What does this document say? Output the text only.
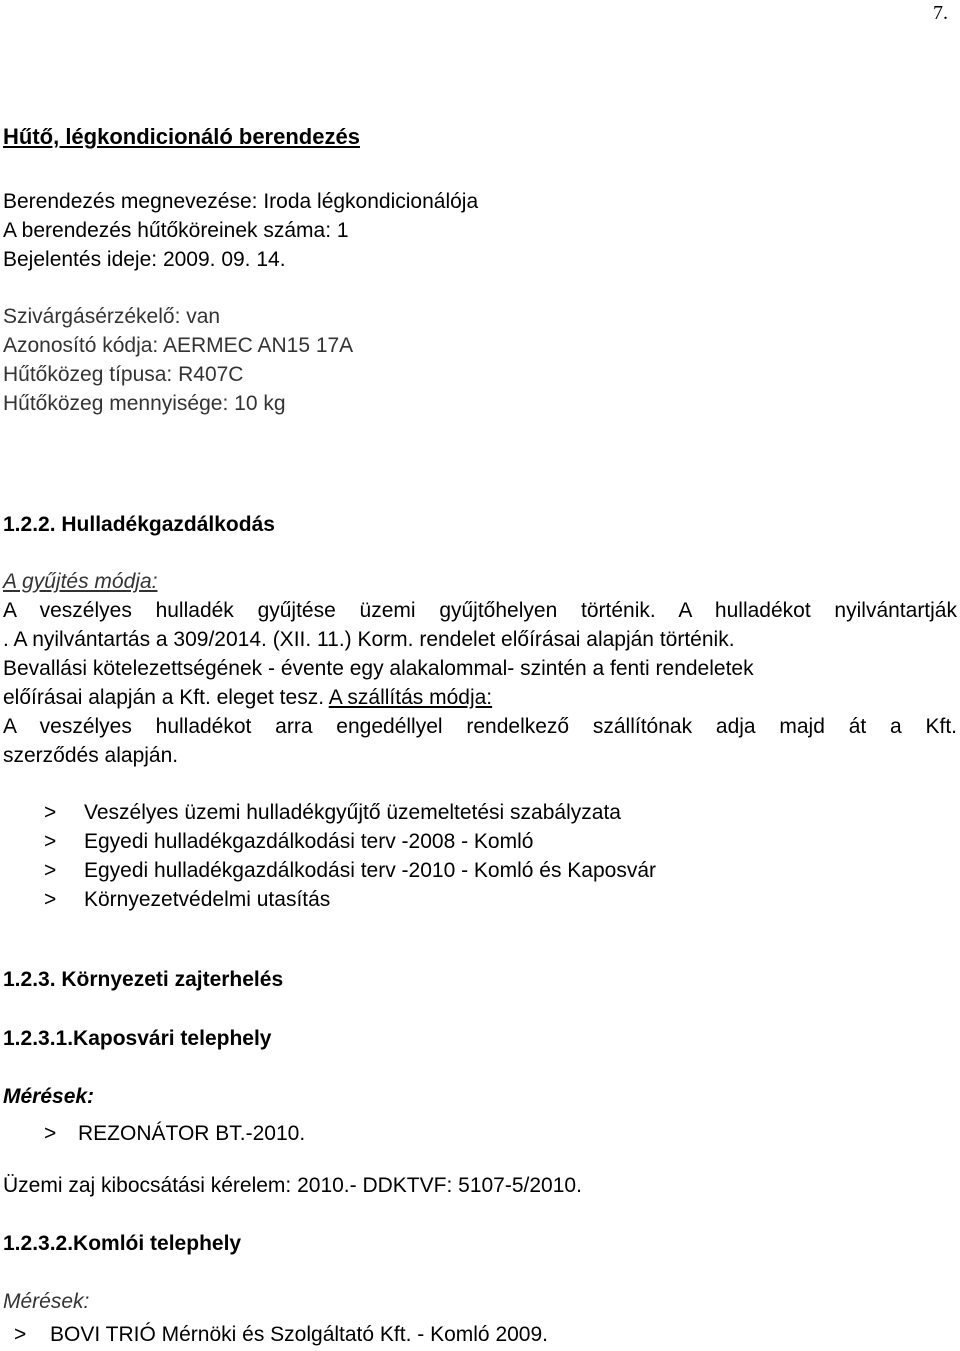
7.
Hűtő, légkondicionáló berendezés
Berendezés megnevezése: Iroda légkondicionálója
A berendezés hűtőköreinek száma: 1
Bejelentés ideje: 2009. 09. 14.
Szivárgásérzékelő: van
Azonosító kódja: AERMEC AN15 17A
Hűtőközeg típusa: R407C
Hűtőközeg mennyisége: 10 kg
1.2.2. Hulladékgazdálkodás
A gyűjtés módja:
A veszélyes hulladék gyűjtése üzemi gyűjtőhelyen történik. A hulladékot nyilvántartják
. A nyilvántartás a 309/2014. (XII. 11.) Korm. rendelet előírásai alapján történik.
Bevallási kötelezettségének - évente egy alakalommal- szintén a fenti rendeletek
előírásai alapján a Kft. eleget tesz. A szállítás módja:
A veszélyes hulladékot arra engedéllyel rendelkező szállítónak adja majd át a Kft.
szerződés alapján.
> Veszélyes üzemi hulladékgyűjtő üzemeltetési szabályzata
> Egyedi hulladékgazdálkodási terv -2008 - Komló
> Egyedi hulladékgazdálkodási terv -2010 - Komló és Kaposvár
> Környezetvédelmi utasítás
1.2.3. Környezeti zajterhelés
1.2.3.1.Kaposvári telephely
Mérések:
> REZONÁTOR BT.-2010.
Üzemi zaj kibocsátási kérelem: 2010.- DDKTVF: 5107-5/2010.
1.2.3.2.Komlói telephely
Mérések:
> BOVI TRIÓ Mérnöki és Szolgáltató Kft. - Komló 2009.
